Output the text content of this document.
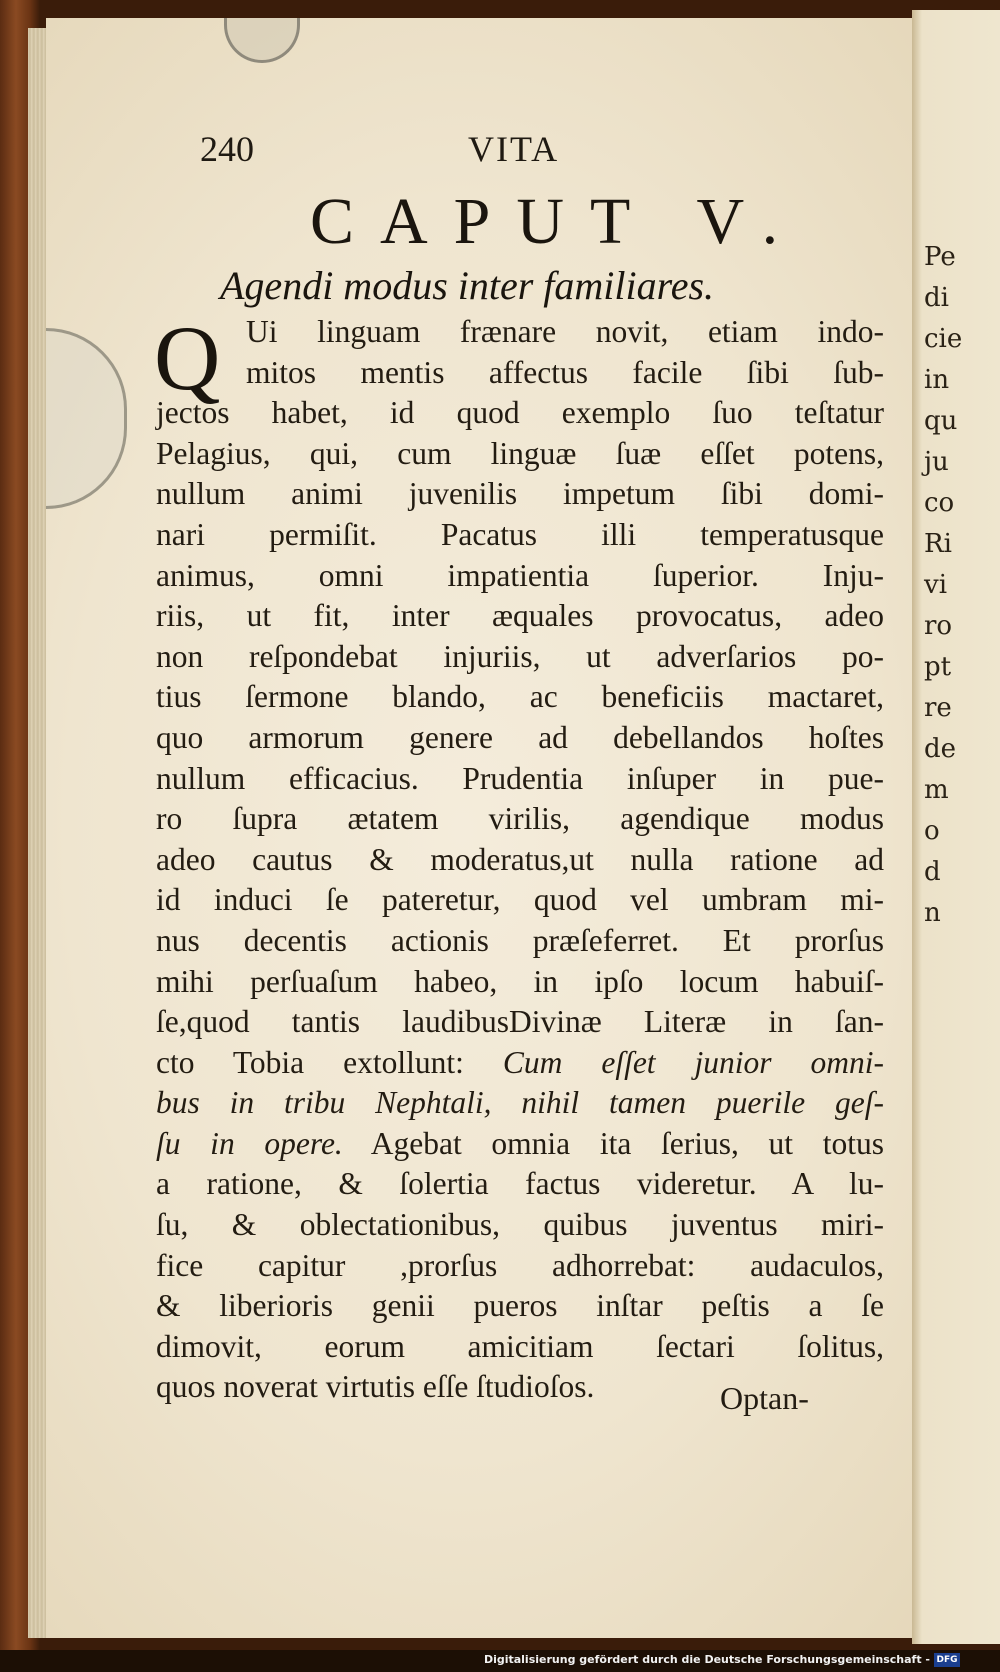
Pe
di
cie
in
qu
ju
co
Ri
vi
ro
pt
re
de
m
o
d
n
240	VITA
CAPUT V.
Agendi modus inter familiares.
Q Ui linguam frænare novit, etiam indo-
mitos mentis affectus facile ſibi ſub-
jectos habet, id quod exemplo ſuo teſtatur
Pelagius, qui, cum linguæ ſuæ eſſet potens,
nullum animi juvenilis impetum ſibi domi-
nari permiſit. Pacatus illi temperatusque
animus, omni impatientia ſuperior. Inju-
riis, ut fit, inter æquales provocatus, adeo
non reſpondebat injuriis, ut adverſarios po-
tius ſermone blando, ac beneficiis mactaret,
quo armorum genere ad debellandos hoſtes
nullum efficacius. Prudentia inſuper in pue-
ro ſupra ætatem virilis, agendique modus
adeo cautus & moderatus,ut nulla ratione ad
id induci ſe pateretur, quod vel umbram mi-
nus decentis actionis præſeferret. Et prorſus
mihi perſuaſum habeo, in ipſo locum habuiſ-
ſe,quod tantis laudibusDivinæ Literæ in ſan-
cto Tobia extollunt: Cum eſſet junior omni-
bus in tribu Nephtali, nihil tamen puerile geſ-
ſu in opere. Agebat omnia ita ſerius, ut totus
a ratione, & ſolertia factus videretur. A lu-
ſu, & oblectationibus, quibus juventus miri-
fice capitur ,prorſus adhorrebat: audaculos,
& liberioris genii pueros inſtar peſtis a ſe
dimovit, eorum amicitiam ſectari ſolitus,
quos noverat virtutis eſſe ſtudioſos.	Optan-
Digitalisierung gefördert durch die Deutsche Forschungsgemeinschaft - DFG
